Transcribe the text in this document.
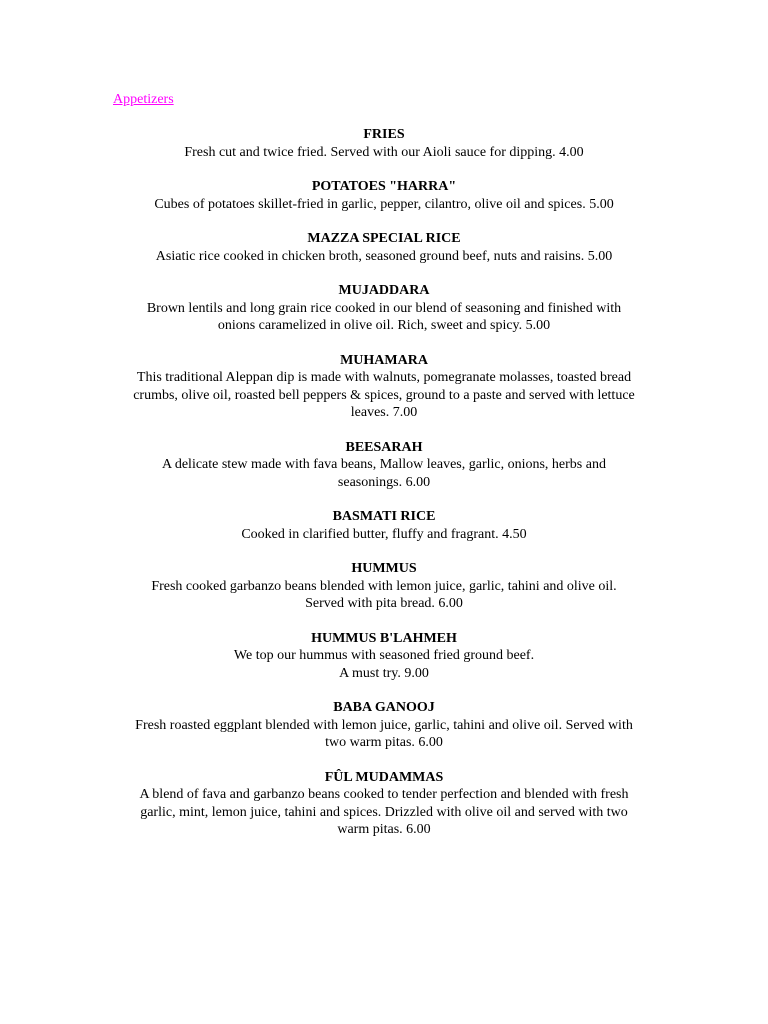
Appetizers
FRIES
Fresh cut and twice fried. Served with our Aioli sauce for dipping. 4.00
POTATOES "HARRA"
Cubes of potatoes skillet-fried in garlic, pepper, cilantro, olive oil and spices. 5.00
MAZZA SPECIAL RICE
Asiatic rice cooked in chicken broth, seasoned ground beef, nuts and raisins. 5.00
MUJADDARA
Brown lentils and long grain rice cooked in our blend of seasoning and finished with
onions caramelized in olive oil. Rich, sweet and spicy. 5.00
MUHAMARA
This traditional Aleppan dip is made with walnuts, pomegranate molasses, toasted bread
crumbs, olive oil, roasted bell peppers & spices, ground to a paste and served with lettuce
leaves. 7.00
BEESARAH
A delicate stew made with fava beans, Mallow leaves, garlic, onions, herbs and
seasonings. 6.00
BASMATI RICE
Cooked in clarified butter, fluffy and fragrant. 4.50
HUMMUS
Fresh cooked garbanzo beans blended with lemon juice, garlic, tahini and olive oil.
Served with pita bread. 6.00
HUMMUS B'LAHMEH
We top our hummus with seasoned fried ground beef.
A must try. 9.00
BABA GANOOJ
Fresh roasted eggplant blended with lemon juice, garlic, tahini and olive oil. Served with
two warm pitas. 6.00
FÛL MUDAMMAS
A blend of fava and garbanzo beans cooked to tender perfection and blended with fresh
garlic, mint, lemon juice, tahini and spices. Drizzled with olive oil and served with two
warm pitas. 6.00
